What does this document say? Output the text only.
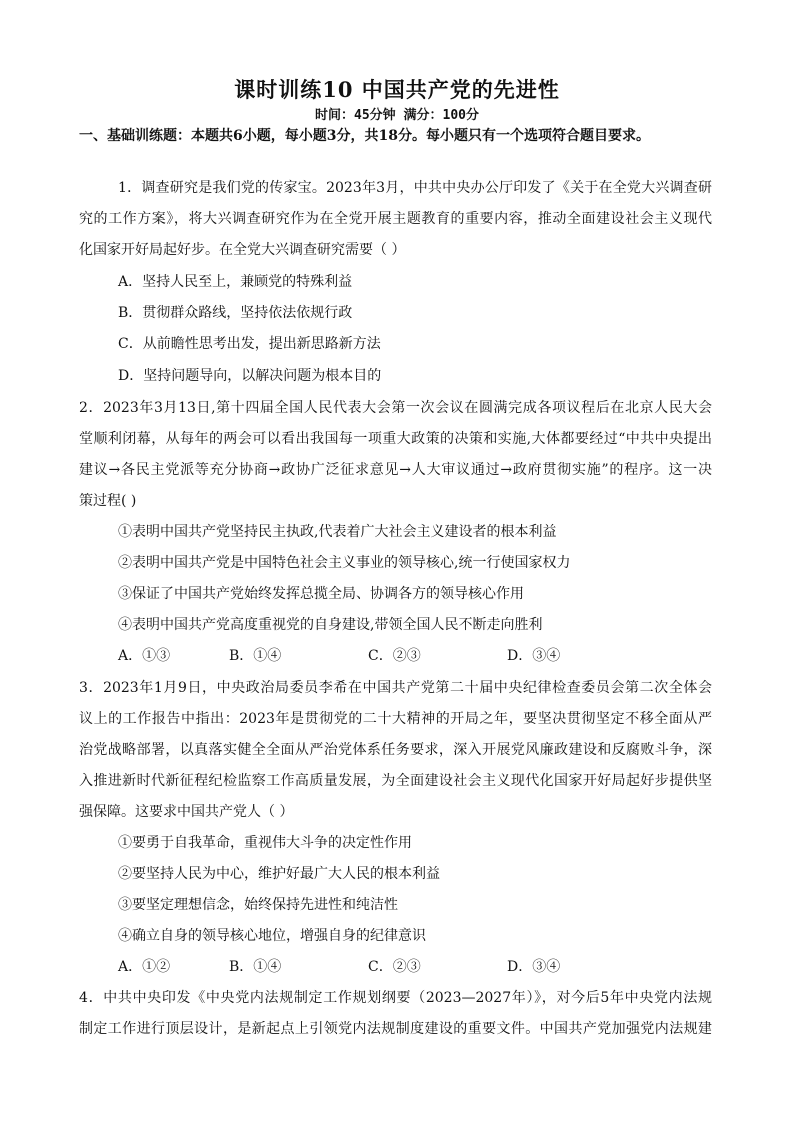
课时训练10 中国共产党的先进性
时间：45分钟 满分：100分
一、基础训练题：本题共6小题，每小题3分，共18分。每小题只有一个选项符合题目要求。
1．调查研究是我们党的传家宝。2023年3月，中共中央办公厅印发了《关于在全党大兴调查研
究的工作方案》，将大兴调查研究作为在全党开展主题教育的重要内容，推动全面建设社会主义现代
化国家开好局起好步。在全党大兴调查研究需要（ ）
A．坚持人民至上，兼顾党的特殊利益
B．贯彻群众路线，坚持依法依规行政
C．从前瞻性思考出发，提出新思路新方法
D．坚持问题导向，以解决问题为根本目的
2．2023年3月13日,第十四届全国人民代表大会第一次会议在圆满完成各项议程后在北京人民大会
堂顺利闭幕，从每年的两会可以看出我国每一项重大政策的决策和实施,大体都要经过“中共中央提出
建议→各民主党派等充分协商→政协广泛征求意见→人大审议通过→政府贯彻实施”的程序。这一决
策过程( )
①表明中国共产党坚持民主执政,代表着广大社会主义建设者的根本利益
②表明中国共产党是中国特色社会主义事业的领导核心,统一行使国家权力
③保证了中国共产党始终发挥总揽全局、协调各方的领导核心作用
④表明中国共产党高度重视党的自身建设,带领全国人民不断走向胜利
A．①③	B．①④	C．②③	D．③④
3．2023年1月9日，中央政治局委员李希在中国共产党第二十届中央纪律检查委员会第二次全体会
议上的工作报告中指出：2023年是贯彻党的二十大精神的开局之年，要坚决贯彻坚定不移全面从严
治党战略部署，以真落实健全全面从严治党体系任务要求，深入开展党风廉政建设和反腐败斗争，深
入推进新时代新征程纪检监察工作高质量发展，为全面建设社会主义现代化国家开好局起好步提供坚
强保障。这要求中国共产党人（ ）
①要勇于自我革命，重视伟大斗争的决定性作用
②要坚持人民为中心，维护好最广大人民的根本利益
③要坚定理想信念，始终保持先进性和纯洁性
④确立自身的领导核心地位，增强自身的纪律意识
A．①②	B．①④	C．②③	D．③④
4．中共中央印发《中央党内法规制定工作规划纲要（2023—2027年）》，对今后5年中央党内法规
制定工作进行顶层设计，是新起点上引领党内法规制度建设的重要文件。中国共产党加强党内法规建
